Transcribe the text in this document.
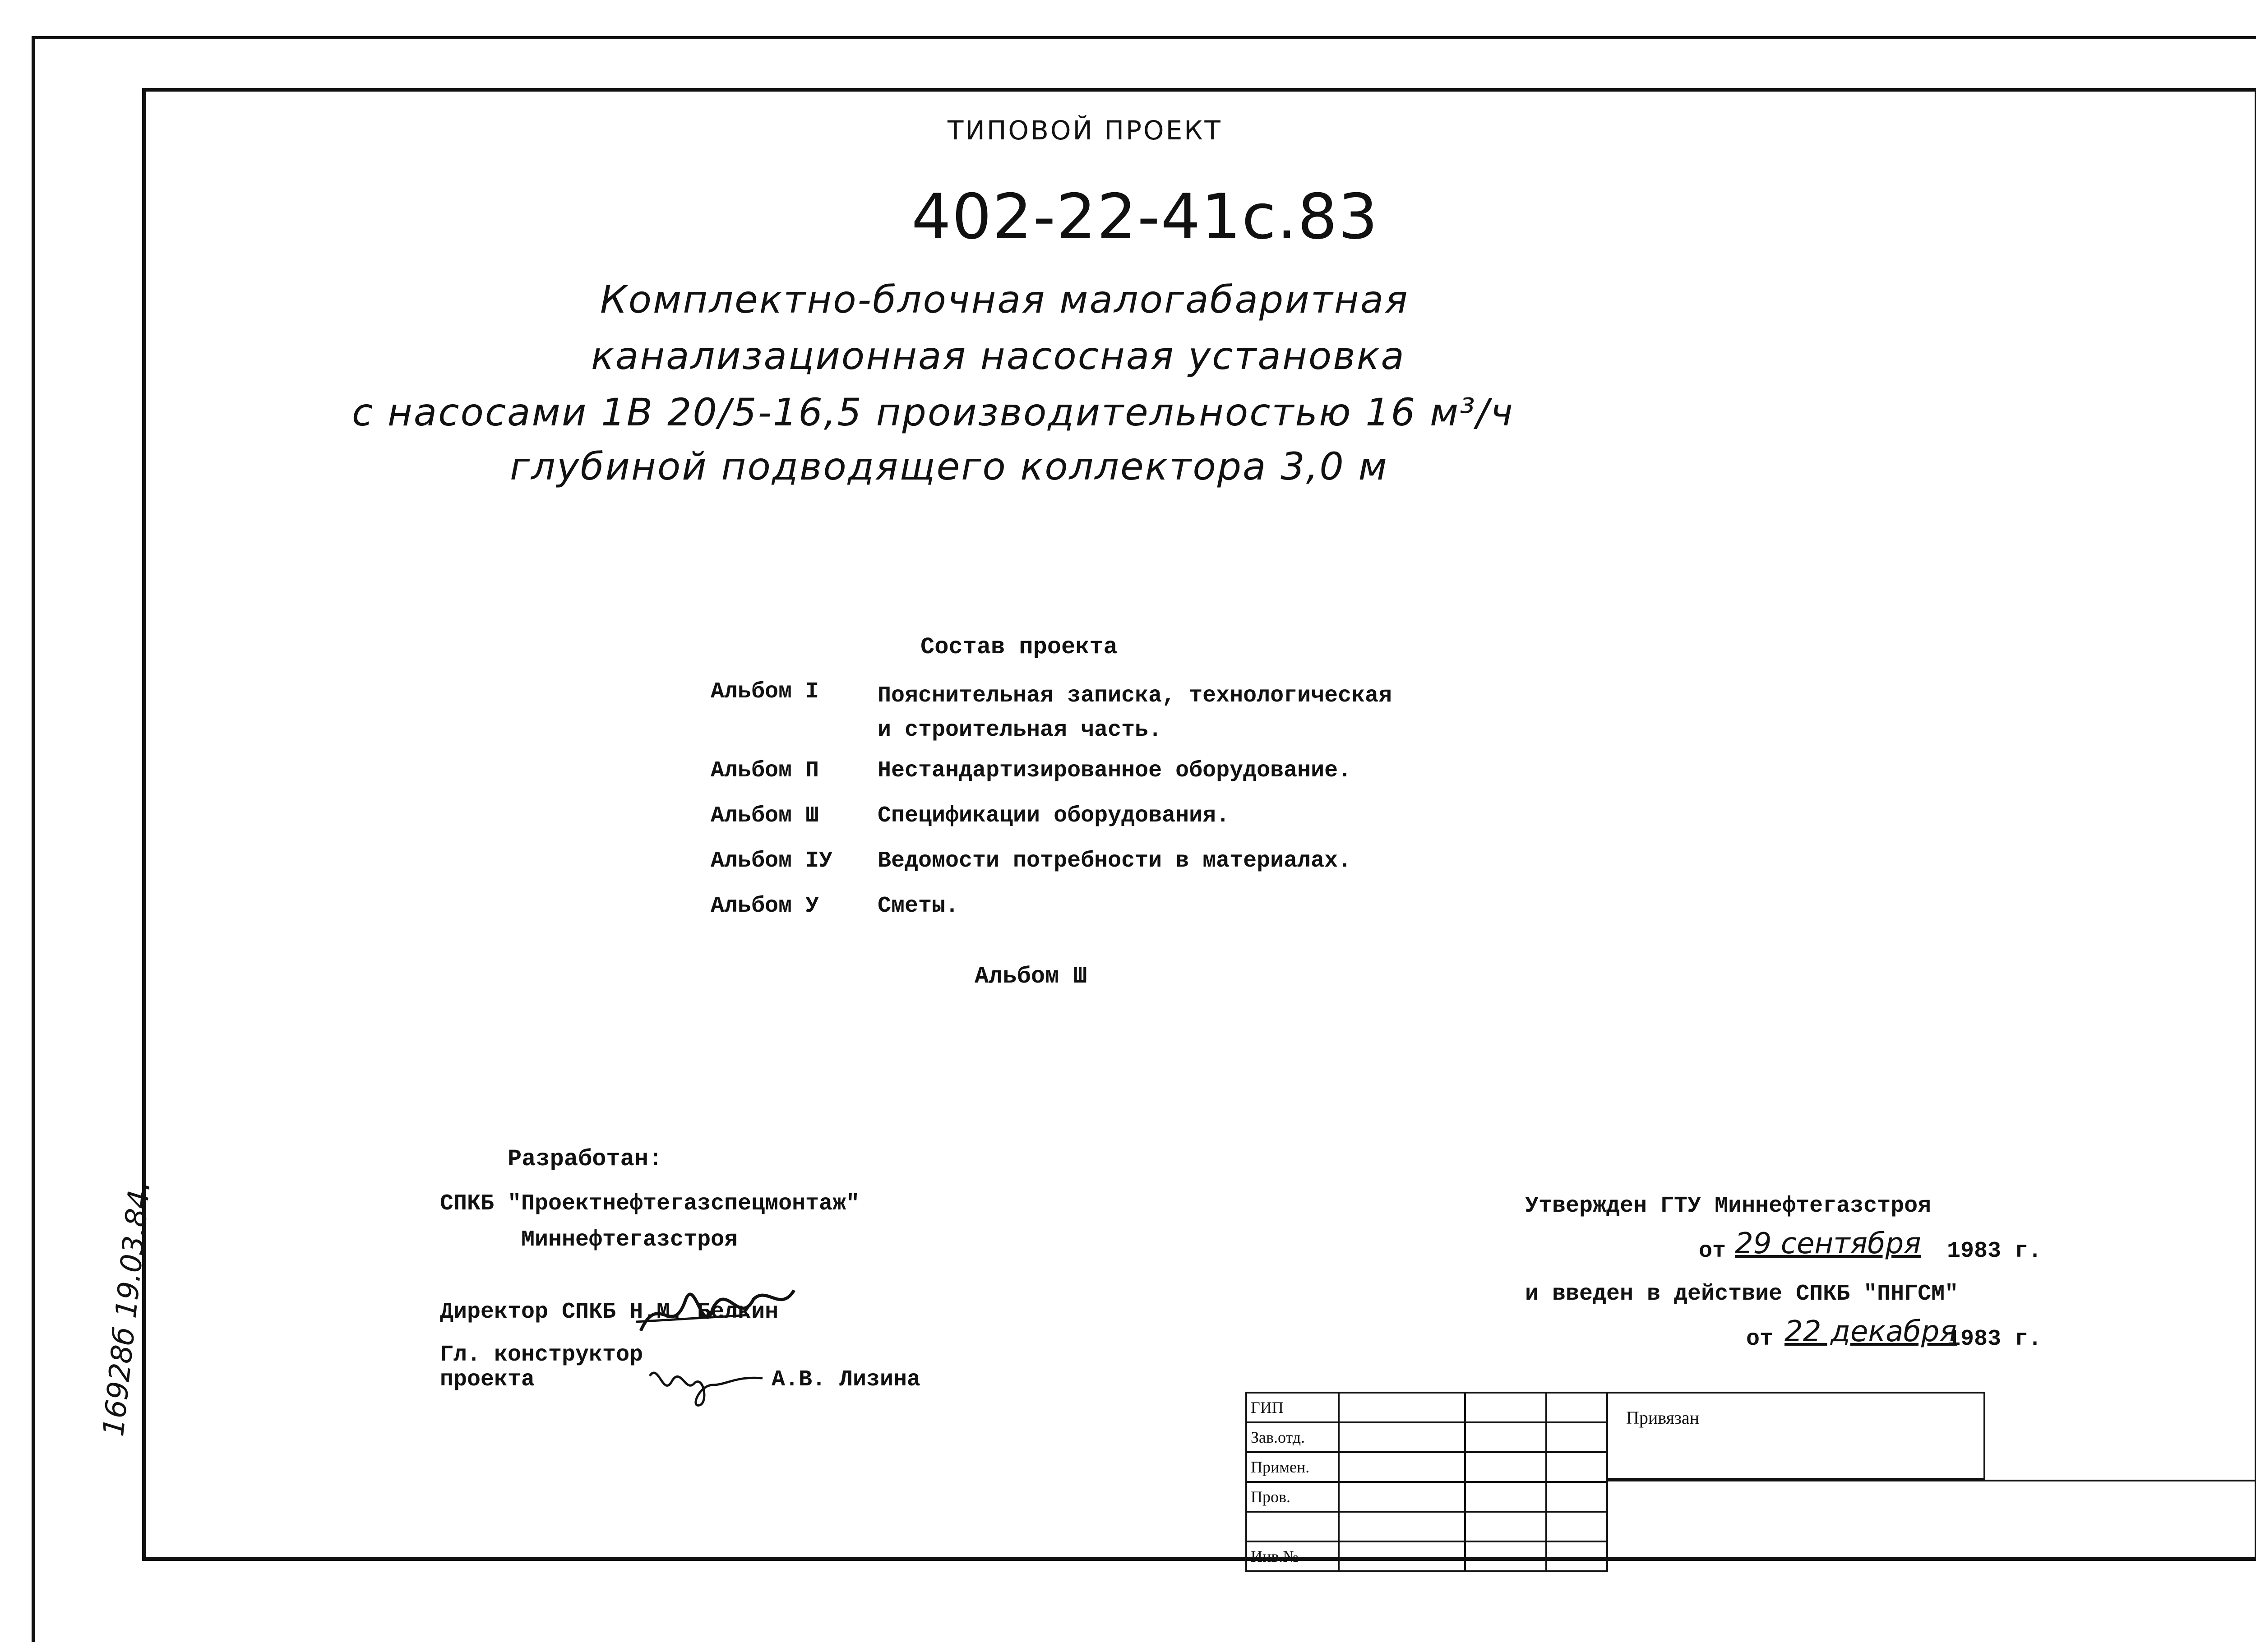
ТИПОВОЙ ПРОЕКТ
402-22-41с.83
Комплектно-блочная малогабаритная
канализационная насосная установка
с насосами 1В 20/5-16,5 производительностью 16 м³/ч
глубиной подводящего коллектора 3,0 м
Состав проекта
Альбом I	Пояснительная записка, технологическая
и строительная часть.
Альбом П	Нестандартизированное оборудование.
Альбом Ш	Спецификации оборудования.
Альбом IУ Ведомости потребности в материалах.
Альбом У	Сметы.
Альбом Ш
Разработан:
СПКБ "Проектнефтегазспецмонтаж"
Миннефтегазстроя
Директор СПКБ Н.М. Белкин
Гл. конструктор
проекта	А.В. Лизина
Утвержден ГТУ Миннефтегазстроя
от 29 сентября 1983 г.
и введен в действие СПКБ "ПНГСМ"
от 22 декабря
1983 г.
16928б 19.03.84.	ГИП			
Зав.отд.			
Примен.			
Пров.			

Инв.№			
Привязан
